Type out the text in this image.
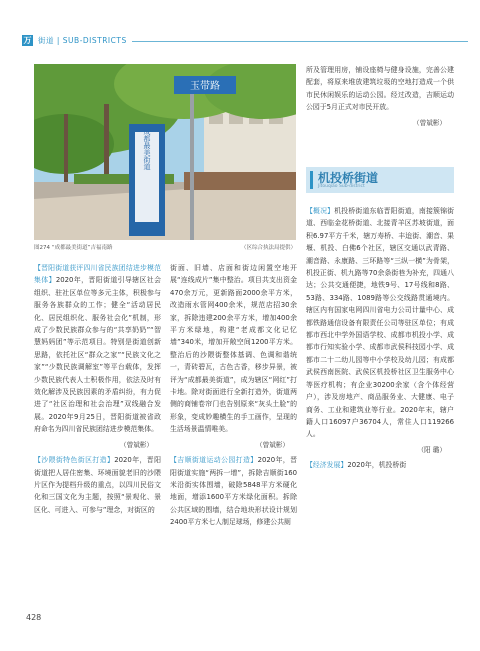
万 街道 | SUB-DISTRICTS
玉带路
成都最美街道
图274 “成都最美街道”吉福南路	（区综合执法局提供）

【晋阳街道获评四川省民族团结进步模范集体】2020年，晋阳街道引导辖区社会组织、驻社区单位等多元主体，积极参与服务各族群众的工作；健全“活动居民化、居民组织化、服务社会化”机制，形成了少数民族群众参与的“共享奶奶”“智慧妈妈团”等示范项目。特别是街道创新思路，依托社区“群众之家”“民族文化之家”“少数民族调解室”等平台载体，发挥少数民族代表人士积极作用，依法及时有效化解涉及民族因素的矛盾纠纷，有力促进了“社区治理和社会治理”双线融合发展。2020年9月25日，晋阳街道被省政府命名为四川省民族团结进步模范集体。

（曾斌彬）

【沙隈街特色街区打造】2020年，晋阳街道把人居住密集、环境面貌老旧的沙隈片区作为提档升级的重点，以四川民俗文化和三国文化为主题，按照“景观化、景区化、可进入、可参与”理念，对街区的

街面、旧墙、店面和街边闲置空地开展“连线成片”集中整治。项目共支出资金470余万元，更新路面2000余平方米，改造雨水管网400余米，规范店招30余家，拆除违建200余平方米，增加400余平方米绿地，构建“老成都文化记忆墙”340米，增加开敞空间1200平方米。整治后的沙隈街整体基调、色调和谐统一，青砖碧瓦，古色古香，移步异景，被评为“成都最美街道”，成为辖区“网红”打卡地。除对街面进行全新打造外，街道两侧的商铺卷帘门也告别原来“灰头土脸”的形象，变成妙趣横生的手工画作，呈现的生活场景温情唯美。

（曾斌彬）

【吉顺街道运动公园打造】2020年，晋阳街道实施“两拆一增”，拆除吉顺街160米沿街实体围墙，破除5848平方米硬化地面，增添1600平方米绿化面积。拆除公共区域的围墙，结合地块形状设计规划2400平方米七人制足球场，修建公共厕

所及管理用房，铺设座椅与健身设施，完善公建配套，将原来堆放建筑垃圾的空地打造成一个供市民休闲娱乐的运动公园。经过改造，吉顺运动公园于5月正式对市民开放。

（曾斌彬）
机投桥街道
Jitouqiao Sub-district

【概况】机投桥街道东临晋阳街道，南接簇锦街道、西临金花桥街道、北接青羊区苏坡街道，面积6.97平方千米，辖万寿桥、丰迨街、潮音、果堰、机投、白佛6个社区，辖区交通以武青路、潮音路、永康路、三环路等“三纵一横”为骨架，机投正街、机九路等70余条街巷为补充，四通八达；公共交通便捷，地铁9号、17号线和8路、53路、334路、1089路等公交线路贯通境内。辖区内有国家电网四川省电力公司计量中心、成都铁路通信设备有限责任公司等驻区单位；有成都市西北中学外国语学校、成都市机投小学、成都市行知实验小学、成都市武侯科技园小学、成都市二十二幼儿园等中小学校及幼儿园；有成都武侯西南医院、武侯区机投桥社区卫生服务中心等医疗机构；有企业30200余家（含个体经营户），涉及房地产、商品服务业、大健康、电子商务、工业和建筑业等行业。2020年末，辖户籍人口16097户36704人，常住人口119266人。

（阳 璐）

【经济发展】2020年，机投桥街

428
